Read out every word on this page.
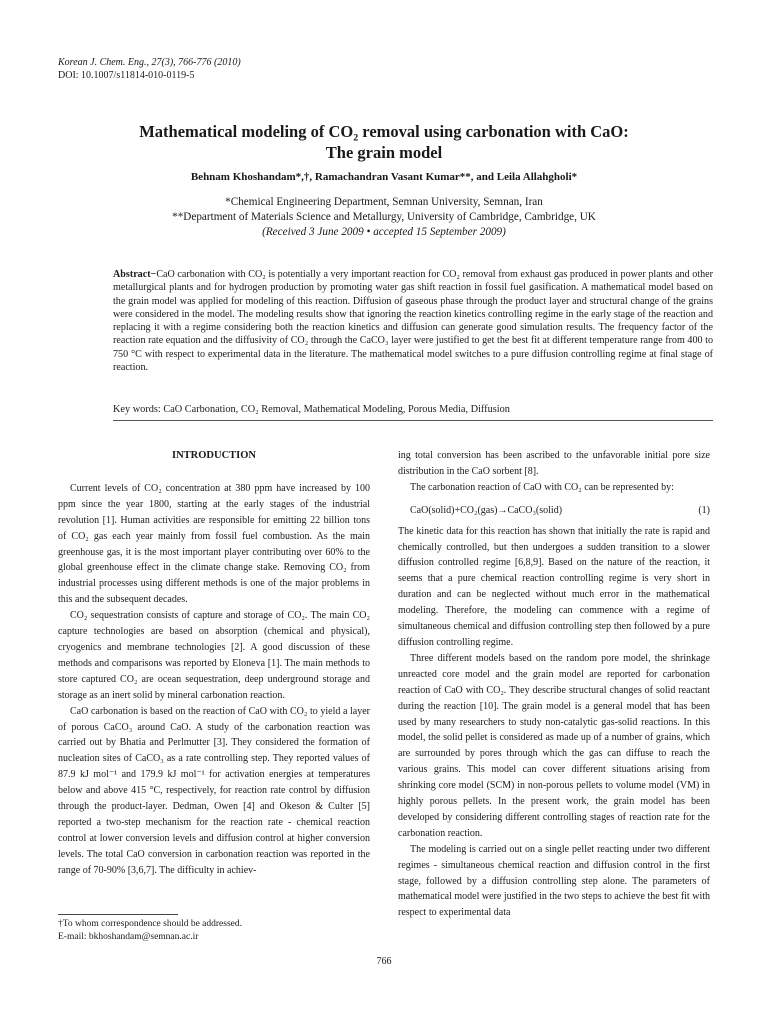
Korean J. Chem. Eng., 27(3), 766-776 (2010)
DOI: 10.1007/s11814-010-0119-5
Mathematical modeling of CO₂ removal using carbonation with CaO:
The grain model
Behnam Khoshandam*,†, Ramachandran Vasant Kumar**, and Leila Allahgholi*
*Chemical Engineering Department, Semnan University, Semnan, Iran
**Department of Materials Science and Metallurgy, University of Cambridge, Cambridge, UK
(Received 3 June 2009 • accepted 15 September 2009)
Abstract−CaO carbonation with CO₂ is potentially a very important reaction for CO₂ removal from exhaust gas produced in power plants and other metallurgical plants and for hydrogen production by promoting water gas shift reaction in fossil fuel gasification. A mathematical model based on the grain model was applied for modeling of this reaction. Diffusion of gaseous phase through the product layer and structural change of the grains were considered in the model. The modeling results show that ignoring the reaction kinetics controlling regime in the early stage of the reaction and replacing it with a regime considering both the reaction kinetics and diffusion can generate good simulation results. The frequency factor of the reaction rate equation and the diffusivity of CO₂ through the CaCO₃ layer were justified to get the best fit at different temperature range from 400 to 750 °C with respect to experimental data in the literature. The mathematical model switches to a pure diffusion controlling regime at final stage of reaction.
Key words: CaO Carbonation, CO₂ Removal, Mathematical Modeling, Porous Media, Diffusion

INTRODUCTION

Current levels of CO₂ concentration at 380 ppm have increased by 100 ppm since the year 1800, starting at the early stages of the industrial revolution [1]. Human activities are responsible for emitting 22 billion tons of CO₂ gas each year mainly from fossil fuel combustion. As the main greenhouse gas, it is the most important player contributing over 60% to the global greenhouse effect in the climate change stake. Removing CO₂ from industrial processes using different methods is one of the major problems in this and the subsequent decades.

CO₂ sequestration consists of capture and storage of CO₂. The main CO₂ capture technologies are based on absorption (chemical and physical), cryogenics and membrane technologies [2]. A good discussion of these methods and comparisons was reported by Eloneva [1]. The main methods to store captured CO₂ are ocean sequestration, deep underground storage and storage as an inert solid by mineral carbonation reaction.

CaO carbonation is based on the reaction of CaO with CO₂ to yield a layer of porous CaCO₃ around CaO. A study of the carbonation reaction was carried out by Bhatia and Perlmutter [3]. They considered the formation of nucleation sites of CaCO₃ as a rate controlling step. They reported values of 87.9 kJ mol⁻¹ and 179.9 kJ mol⁻¹ for activation energies at temperatures below and above 415 °C, respectively, for reaction rate control by diffusion through the product-layer. Dedman, Owen [4] and Okeson & Culter [5] reported a two-step mechanism for the reaction rate - chemical reaction control at lower conversion levels and diffusion control at higher conversion levels. The total CaO conversion in carbonation reaction was reported in the range of 70-90% [3,6,7]. The difficulty in achiev-

ing total conversion has been ascribed to the unfavorable initial pore size distribution in the CaO sorbent [8].

The carbonation reaction of CaO with CO₂ can be represented by:

CaO(solid)+CO₂(gas)→CaCO₃(solid)	(1)

The kinetic data for this reaction has shown that initially the rate is rapid and chemically controlled, but then undergoes a sudden transition to a slower diffusion controlled regime [6,8,9]. Based on the nature of the reaction, it seems that a pure chemical reaction controlling regime is very short in duration and can be neglected without much error in the mathematical modeling. Therefore, the modeling can commence with a regime of simultaneous chemical and diffusion controlling step then followed by a pure diffusion controlling regime.

Three different models based on the random pore model, the shrinkage unreacted core model and the grain model are reported for carbonation reaction of CaO with CO₂. They describe structural changes of solid reactant during the reaction [10]. The grain model is a general model that has been used by many researchers to study non-catalytic gas-solid reactions. In this model, the solid pellet is considered as made up of a number of grains, which are surrounded by pores through which the gas can diffuse to reach the various grains. This model can cover different situations arising from shrinking core model (SCM) in non-porous pellets to volume model (VM) in highly porous pellets. In the present work, the grain model has been developed by considering different controlling stages of reaction rate for the carbonation reaction.

The modeling is carried out on a single pellet reacting under two different regimes - simultaneous chemical reaction and diffusion control in the first stage, followed by a diffusion controlling step alone. The parameters of mathematical model were justified in the two steps to achieve the best fit with respect to experimental data

†To whom correspondence should be addressed.
E-mail: bkhoshandam@semnan.ac.ir
766
